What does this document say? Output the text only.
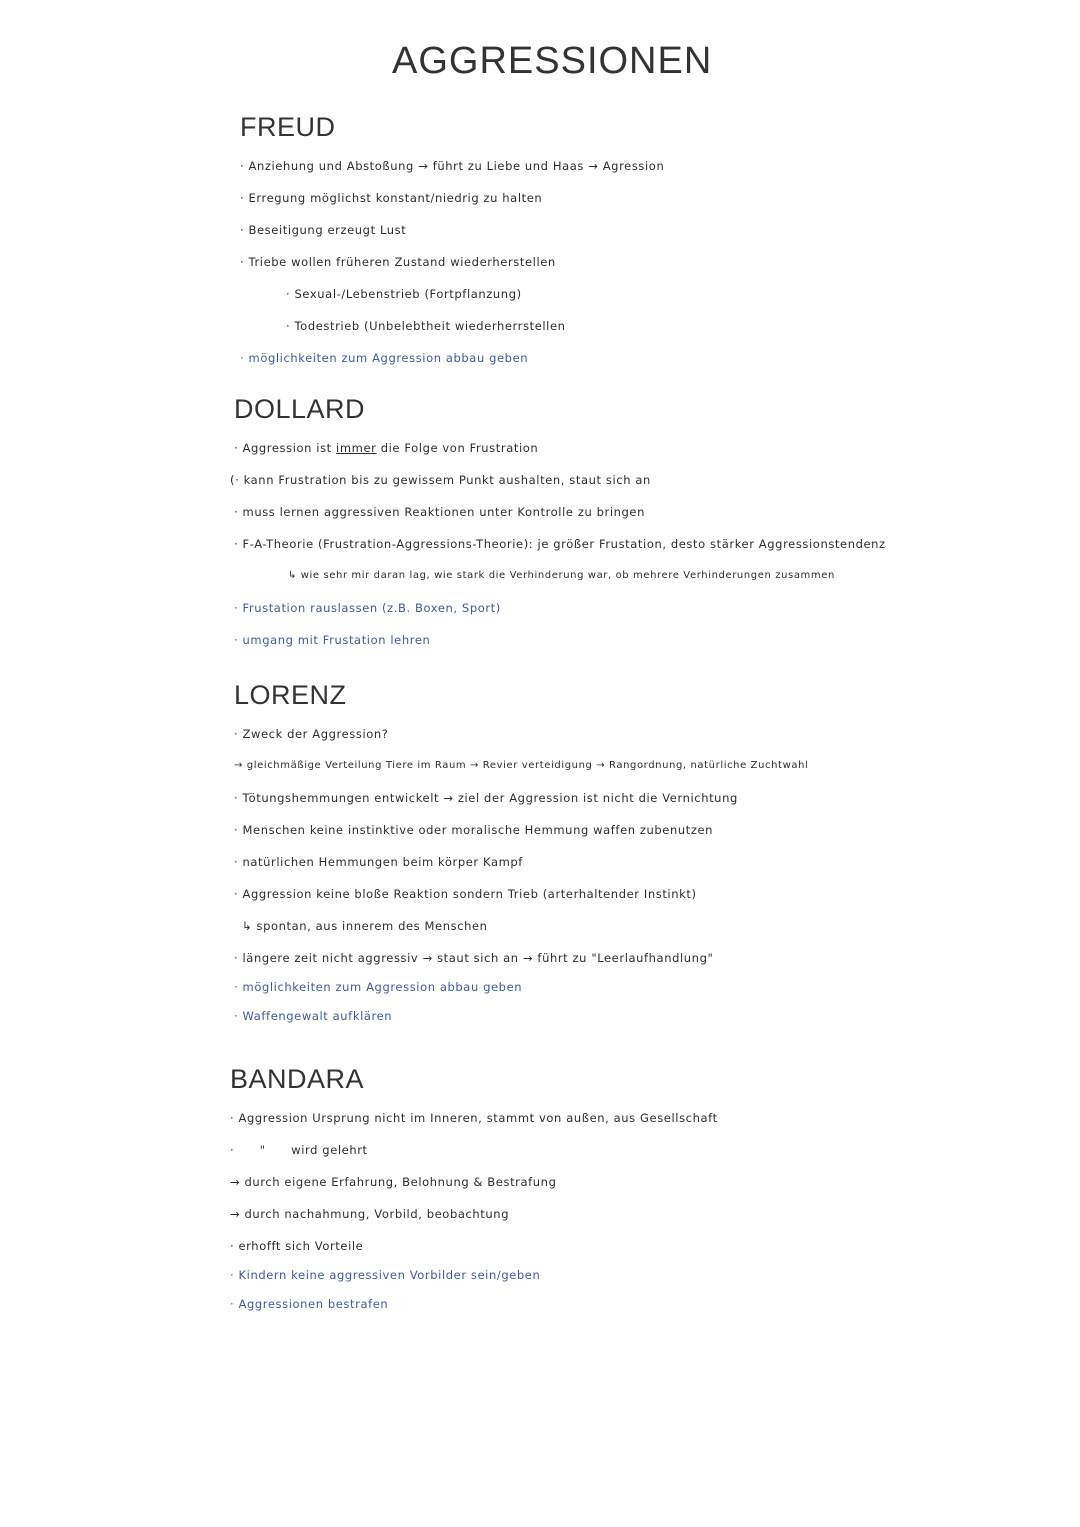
AGGRESSIONEN
FREUD
· Anziehung und Abstoßung → führt zu Liebe und Haas → Agression
· Erregung möglichst konstant/niedrig zu halten
· Beseitigung erzeugt Lust
· Triebe wollen früheren Zustand wiederherstellen
· Sexual-/Lebenstrieb (Fortpflanzung)
· Todestrieb (Unbelebtheit wiederherrstellen
· möglichkeiten zum Aggression abbau geben
DOLLARD
· Aggression ist immer die Folge von Frustration
(· kann Frustration bis zu gewissem Punkt aushalten, staut sich an
· muss lernen aggressiven Reaktionen unter Kontrolle zu bringen
· F-A-Theorie (Frustration-Aggressions-Theorie): je größer Frustation, desto stärker Aggressionstendenz
↳ wie sehr mir daran lag, wie stark die Verhinderung war, ob mehrere Verhinderungen zusammen
· Frustation rauslassen (z.B. Boxen, Sport)
· umgang mit Frustation lehren
LORENZ
· Zweck der Aggression?
→ gleichmäßige Verteilung Tiere im Raum → Revier verteidigung → Rangordnung, natürliche Zuchtwahl
· Tötungshemmungen entwickelt → ziel der Aggression ist nicht die Vernichtung
· Menschen keine instinktive oder moralische Hemmung waffen zubenutzen
· natürlichen Hemmungen beim körper Kampf
· Aggression keine bloße Reaktion sondern Trieb (arterhaltender Instinkt)
↳ spontan, aus innerem des Menschen
· längere zeit nicht aggressiv → staut sich an → führt zu "Leerlaufhandlung"
· möglichkeiten zum Aggression abbau geben
· Waffengewalt aufklären
BANDARA
· Aggression Ursprung nicht im Inneren, stammt von außen, aus Gesellschaft
·      "      wird gelehrt
→ durch eigene Erfahrung, Belohnung & Bestrafung
→ durch nachahmung, Vorbild, beobachtung
· erhofft sich Vorteile
· Kindern keine aggressiven Vorbilder sein/geben
· Aggressionen bestrafen
